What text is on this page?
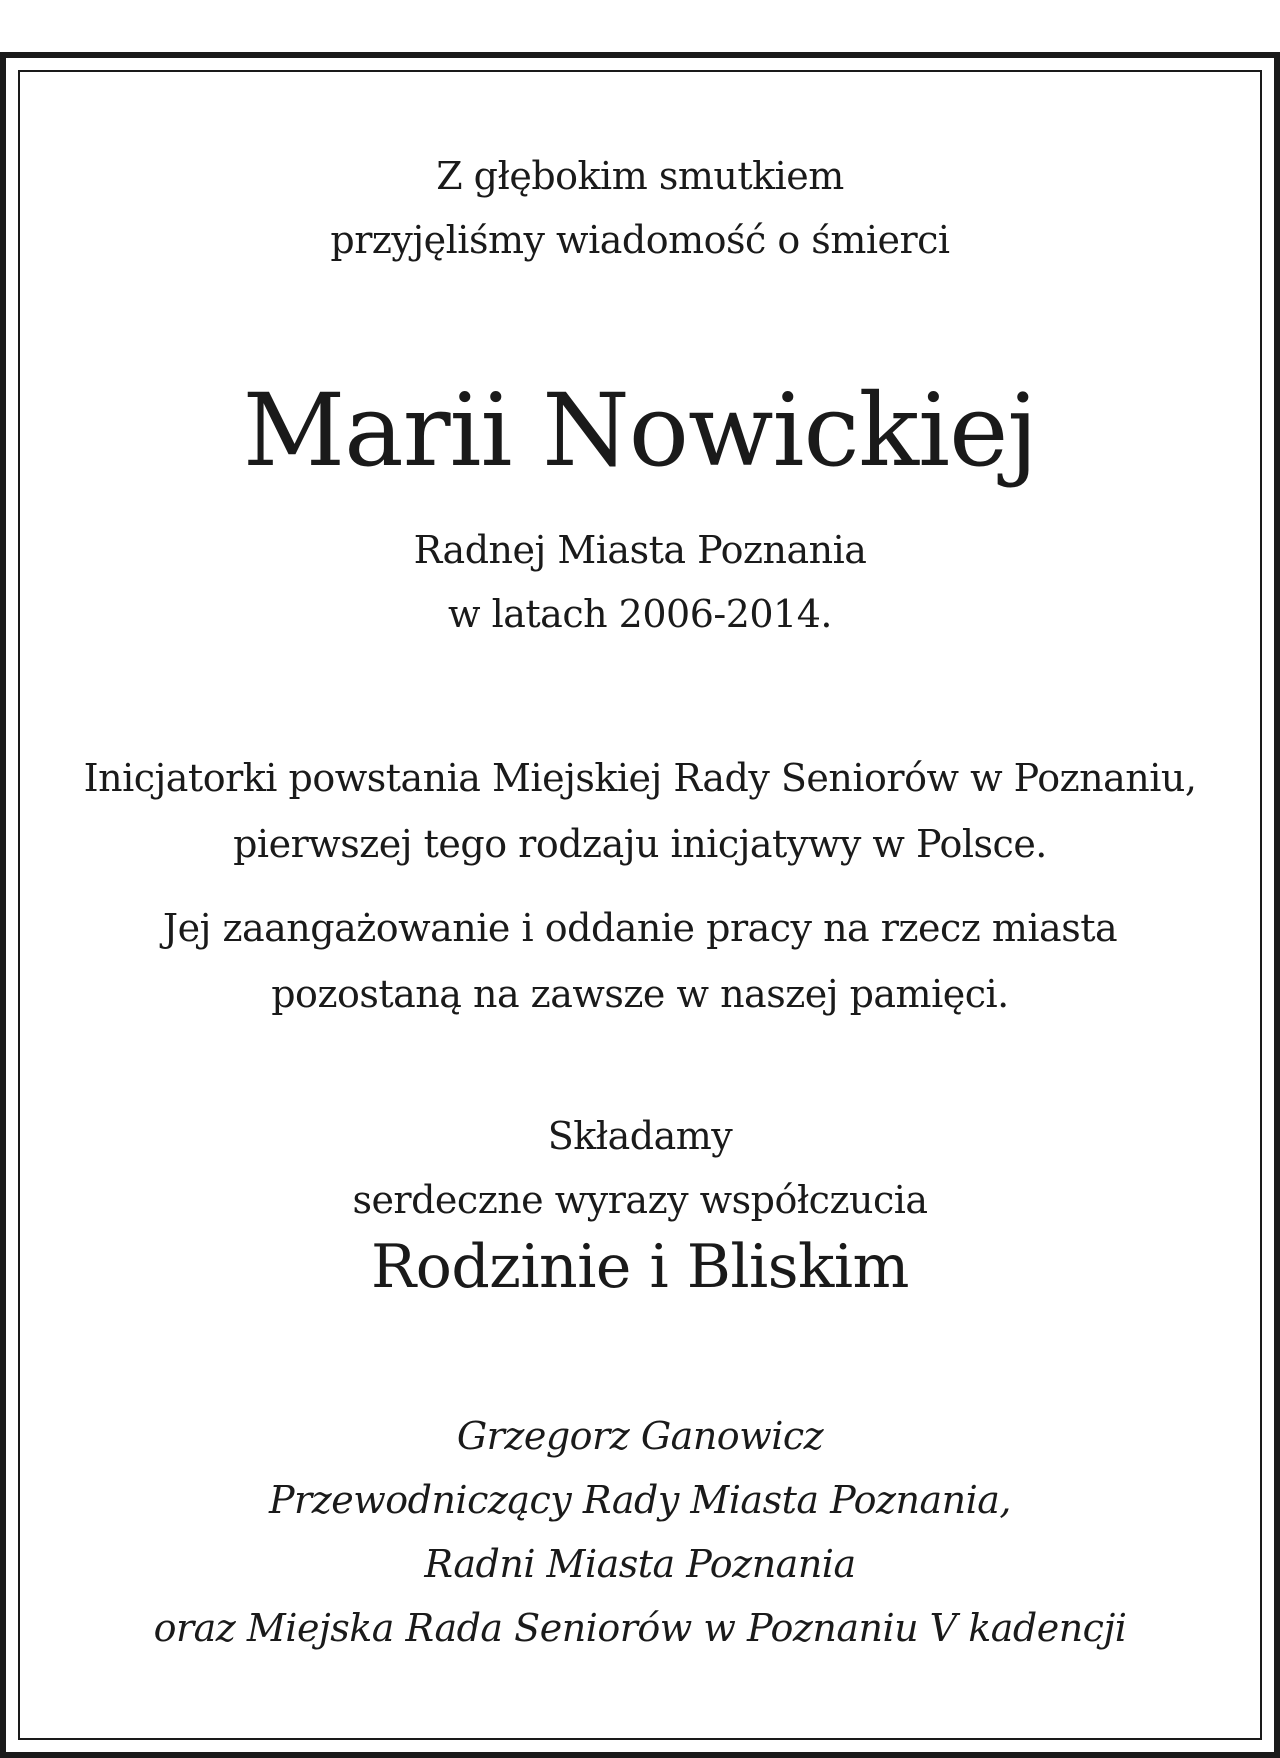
Z głębokim smutkiem
przyjęliśmy wiadomość o śmierci
Marii Nowickiej
Radnej Miasta Poznania
w latach 2006-2014.
Inicjatorki powstania Miejskiej Rady Seniorów w Poznaniu,
pierwszej tego rodzaju inicjatywy w Polsce.
Jej zaangażowanie i oddanie pracy na rzecz miasta
pozostaną na zawsze w naszej pamięci.
Składamy
serdeczne wyrazy współczucia
Rodzinie i Bliskim
Grzegorz Ganowicz
Przewodniczący Rady Miasta Poznania,
Radni Miasta Poznania
oraz Miejska Rada Seniorów w Poznaniu V kadencji
